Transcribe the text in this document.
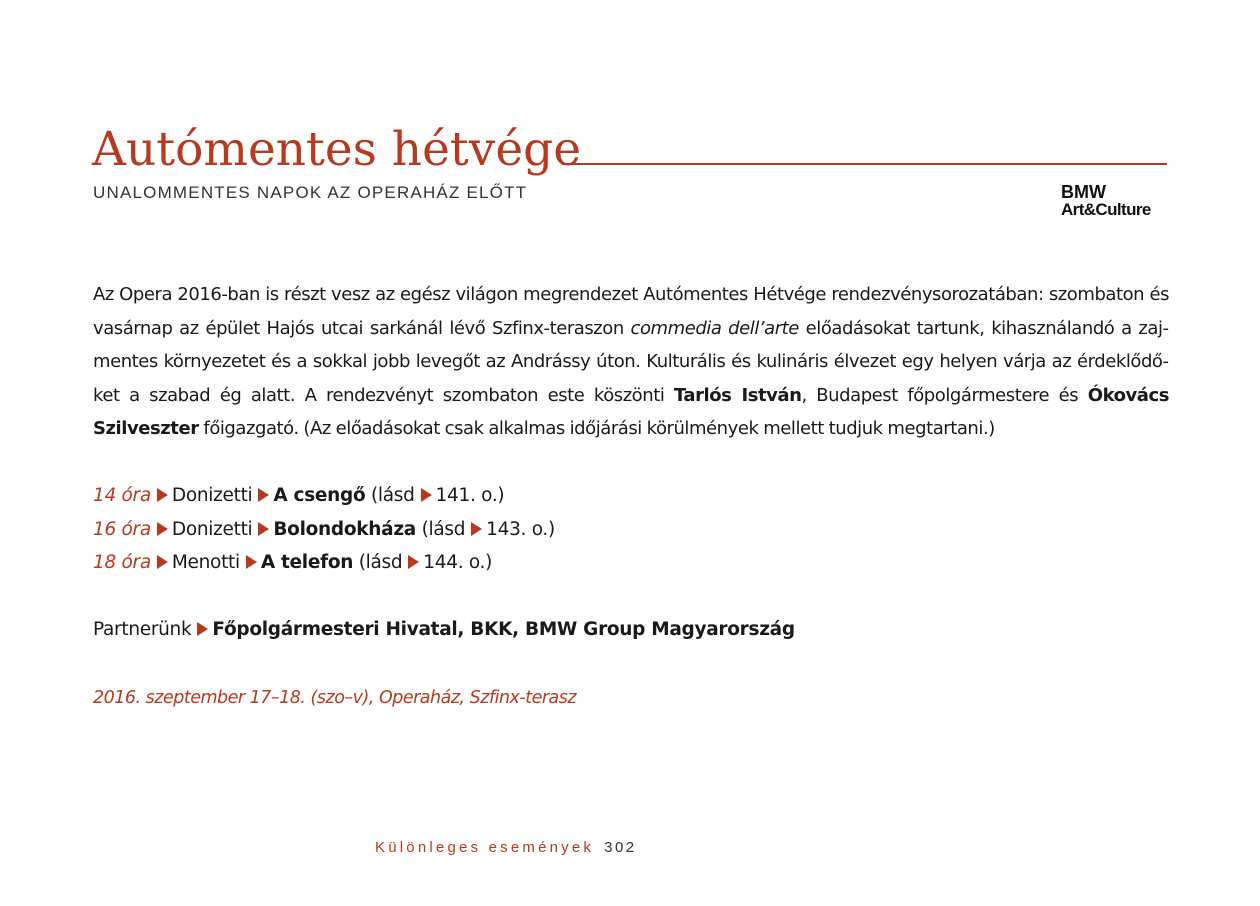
Autómentes hétvége
UNALOMMENTES NAPOK AZ OPERAHÁZ ELŐTT	BMW
Art&Culture

Az Opera 2016-ban is részt vesz az egész világon megrendezet Autómentes Hétvége rendezvénysorozatában: szombaton és vasárnap az épület Hajós utcai sarkánál lévő Szfinx-teraszon commedia dell’arte előadásokat tartunk, kihasználandó a zajmentes környezetet és a sokkal jobb levegőt az Andrássy úton. Kulturális és kulináris élvezet egy helyen várja az érdeklődőket a szabad ég alatt. A rendezvényt szombaton este köszönti Tarlós István, Budapest főpolgármestere és Ókovács Szilveszter főigazgató. (Az előadásokat csak alkalmas időjárási körülmények mellett tudjuk megtartani.)

14 óra Donizetti A csengő (lásd 141. o.)
16 óra Donizetti Bolondokháza (lásd 143. o.)
18 óra Menotti A telefon (lásd 144. o.)
Partnerünk Főpolgármesteri Hivatal, BKK, BMW Group Magyarország
2016. szeptember 17–18. (szo–v), Operaház, Szfinx-terasz
Különleges események 302
